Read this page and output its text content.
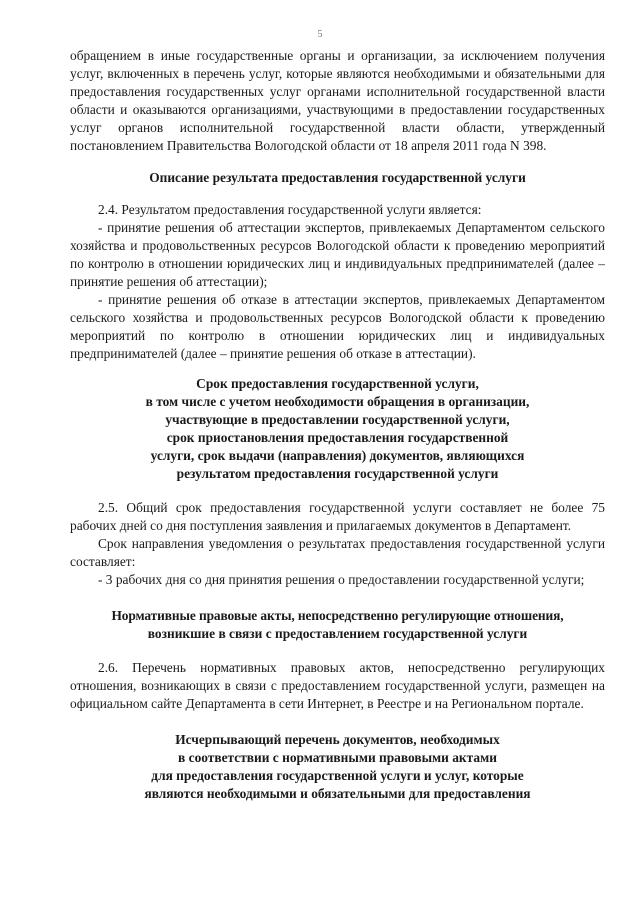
5

обращением в иные государственные органы и организации, за исключением получения услуг, включенных в перечень услуг, которые являются необходимыми и обязательными для предоставления государственных услуг органами исполнительной государственной власти области и оказываются организациями, участвующими в предоставлении государственных услуг органов исполнительной государственной власти области, утвержденный постановлением Правительства Вологодской области от 18 апреля 2011 года N 398.

Описание результата предоставления государственной услуги

2.4. Результатом предоставления государственной услуги является:

- принятие решения об аттестации экспертов, привлекаемых Департаментом сельского хозяйства и продовольственных ресурсов Вологодской области к проведению мероприятий по контролю в отношении юридических лиц и индивидуальных предпринимателей (далее – принятие решения об аттестации);

- принятие решения об отказе в аттестации экспертов, привлекаемых Департаментом сельского хозяйства и продовольственных ресурсов Вологодской области к проведению мероприятий по контролю в отношении юридических лиц и индивидуальных предпринимателей (далее – принятие решения об отказе в аттестации).

Срок предоставления государственной услуги,

в том числе с учетом необходимости обращения в организации,

участвующие в предоставлении государственной услуги,

срок приостановления предоставления государственной

услуги, срок выдачи (направления) документов, являющихся

результатом предоставления государственной услуги

2.5. Общий срок предоставления государственной услуги составляет не более 75 рабочих дней со дня поступления заявления и прилагаемых документов в Департамент.

Срок направления уведомления о результатах предоставления государственной услуги составляет:

- 3 рабочих дня со дня принятия решения о предоставлении государственной услуги;

Нормативные правовые акты, непосредственно регулирующие отношения,

возникшие в связи с предоставлением государственной услуги

2.6. Перечень нормативных правовых актов, непосредственно регулирующих отношения, возникающих в связи с предоставлением государственной услуги, размещен на официальном сайте Департамента в сети Интернет, в Реестре и на Региональном портале.

Исчерпывающий перечень документов, необходимых

в соответствии с нормативными правовыми актами

для предоставления государственной услуги и услуг, которые

являются необходимыми и обязательными для предоставления
